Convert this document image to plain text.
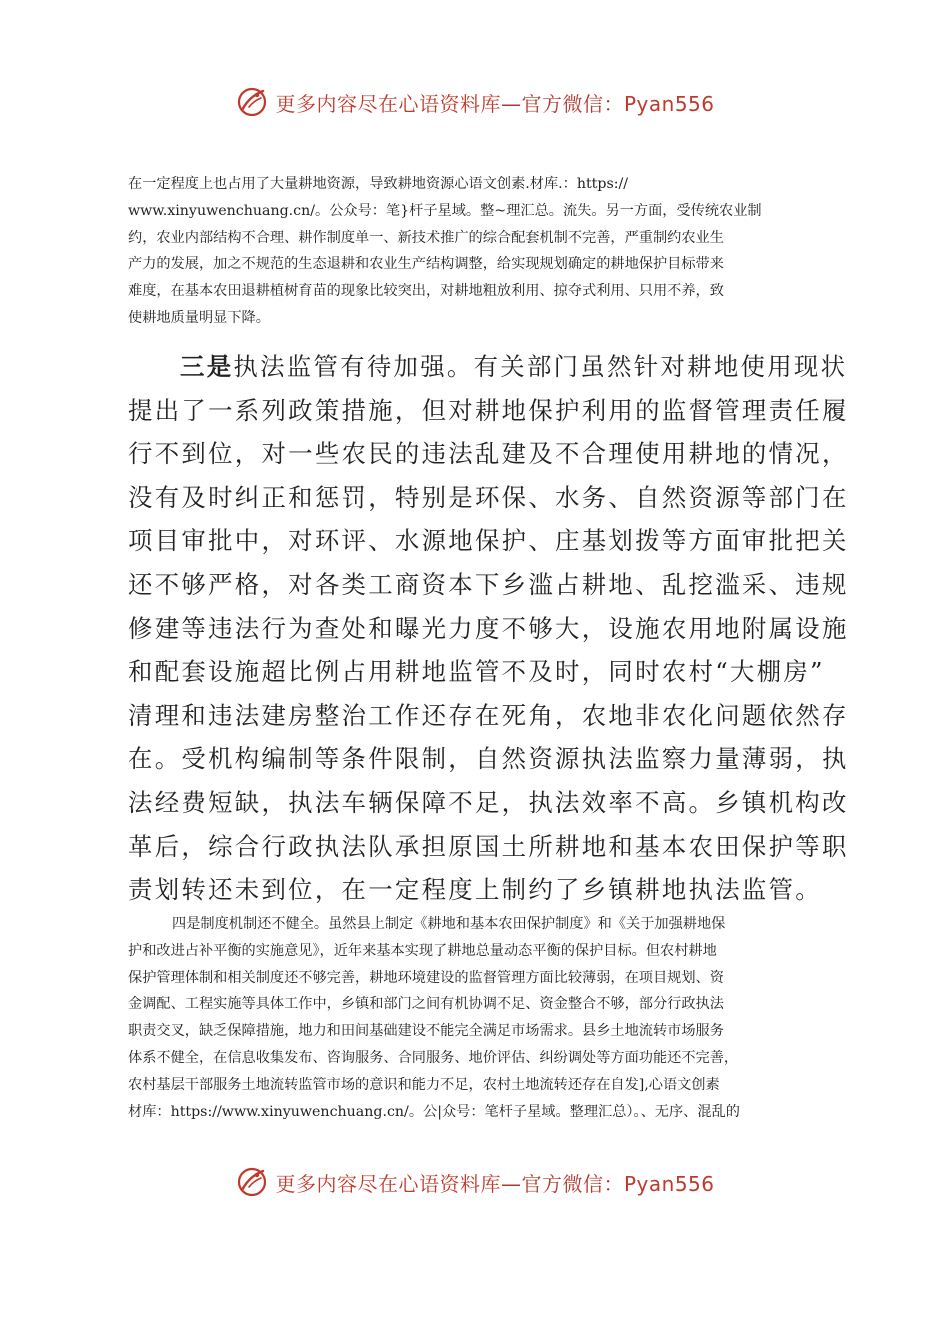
更多内容尽在心语资料库—官方微信：Pyan556
在一定程度上也占用了大量耕地资源，导致耕地资源心语文创素.材库.：https://
www.xinyuwenchuang.cn/。公众号：笔}杆子星域。整~理汇总。流失。另一方面，受传统农业制
约，农业内部结构不合理、耕作制度单一、新技术推广的综合配套机制不完善，严重制约农业生
产力的发展，加之不规范的生态退耕和农业生产结构调整，给实现规划确定的耕地保护目标带来
难度，在基本农田退耕植树育苗的现象比较突出，对耕地粗放利用、掠夺式利用、只用不养，致
使耕地质量明显下降。
三是执法监管有待加强。有关部门虽然针对耕地使用现状
提出了一系列政策措施，但对耕地保护利用的监督管理责任履
行不到位，对一些农民的违法乱建及不合理使用耕地的情况，
没有及时纠正和惩罚，特别是环保、水务、自然资源等部门在
项目审批中，对环评、水源地保护、庄基划拨等方面审批把关
还不够严格，对各类工商资本下乡滥占耕地、乱挖滥采、违规
修建等违法行为查处和曝光力度不够大，设施农用地附属设施
和配套设施超比例占用耕地监管不及时，同时农村“大棚房”
清理和违法建房整治工作还存在死角，农地非农化问题依然存
在。受机构编制等条件限制，自然资源执法监察力量薄弱，执
法经费短缺，执法车辆保障不足，执法效率不高。乡镇机构改
革后，综合行政执法队承担原国土所耕地和基本农田保护等职
责划转还未到位，在一定程度上制约了乡镇耕地执法监管。
四是制度机制还不健全。虽然县上制定《耕地和基本农田保护制度》和《关于加强耕地保
护和改进占补平衡的实施意见》，近年来基本实现了耕地总量动态平衡的保护目标。但农村耕地
保护管理体制和相关制度还不够完善，耕地环境建设的监督管理方面比较薄弱，在项目规划、资
金调配、工程实施等具体工作中，乡镇和部门之间有机协调不足、资金整合不够，部分行政执法
职责交叉，缺乏保障措施，地力和田间基础建设不能完全满足市场需求。县乡土地流转市场服务
体系不健全，在信息收集发布、咨询服务、合同服务、地价评估、纠纷调处等方面功能还不完善，
农村基层干部服务土地流转监管市场的意识和能力不足，农村土地流转还存在自发],心语文创素
材库：https://www.xinyuwenchuang.cn/。公|众号：笔杆子星域。整理汇总）。、无序、混乱的
更多内容尽在心语资料库—官方微信：Pyan556
